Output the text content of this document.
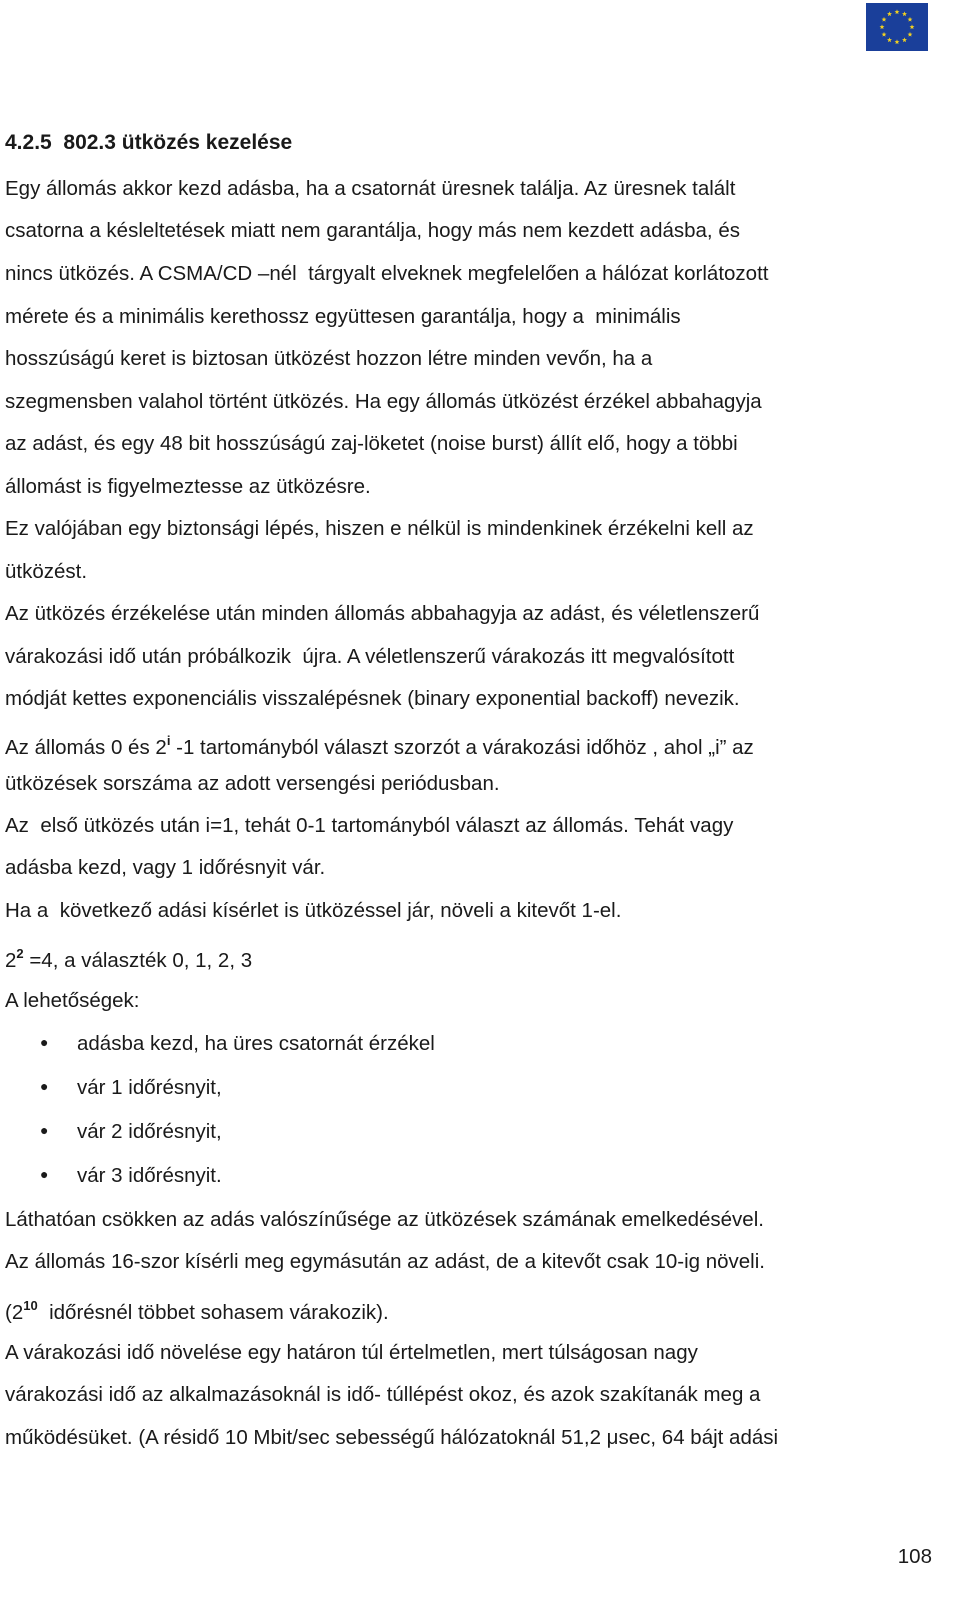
4.2.5 802.3 ütközés kezelése
Egy állomás akkor kezd adásba, ha a csatornát üresnek találja. Az üresnek talált
csatorna a késleltetések miatt nem garantálja, hogy más nem kezdett adásba, és
nincs ütközés. A CSMA/CD –nél  tárgyalt elveknek megfelelően a hálózat korlátozott
mérete és a minimális kerethossz együttesen garantálja, hogy a  minimális
hosszúságú keret is biztosan ütközést hozzon létre minden vevőn, ha a
szegmensben valahol történt ütközés. Ha egy állomás ütközést érzékel abbahagyja
az adást, és egy 48 bit hosszúságú zaj-löketet (noise burst) állít elő, hogy a többi
állomást is figyelmeztesse az ütközésre.
Ez valójában egy biztonsági lépés, hiszen e nélkül is mindenkinek érzékelni kell az
ütközést.
Az ütközés érzékelése után minden állomás abbahagyja az adást, és véletlenszerű
várakozási idő után próbálkozik  újra. A véletlenszerű várakozás itt megvalósított
módját kettes exponenciális visszalépésnek (binary exponential backoff) nevezik.
Az állomás 0 és 2$^i$ -1 tartományból választ szorzót a várakozási időhöz , ahol „i” az
ütközések sorszáma az adott versengési periódusban.
Az  első ütközés után i=1, tehát 0-1 tartományból választ az állomás. Tehát vagy
adásba kezd, vagy 1 időrésnyit vár.
Ha a  következő adási kísérlet is ütközéssel jár, növeli a kitevőt 1-el.
$2^2 =4$, a választék 0, 1, 2, 3
A lehetőségek:
● adásba kezd, ha üres csatornát érzékel
● vár 1 időrésnyit,
● vár 2 időrésnyit,
● vár 3 időrésnyit.
Láthatóan csökken az adás valószínűsége az ütközések számának emelkedésével.
Az állomás 16-szor kísérli meg egymásután az adást, de a kitevőt csak 10-ig növeli.
($2^{10}$  időrésnél többet sohasem várakozik).
A várakozási idő növelése egy határon túl értelmetlen, mert túlságosan nagy
várakozási idő az alkalmazásoknál is idő- túllépést okoz, és azok szakítanák meg a
működésüket. (A résidő 10 Mbit/sec sebességű hálózatoknál 51,2 μsec, 64 bájt adási
108
